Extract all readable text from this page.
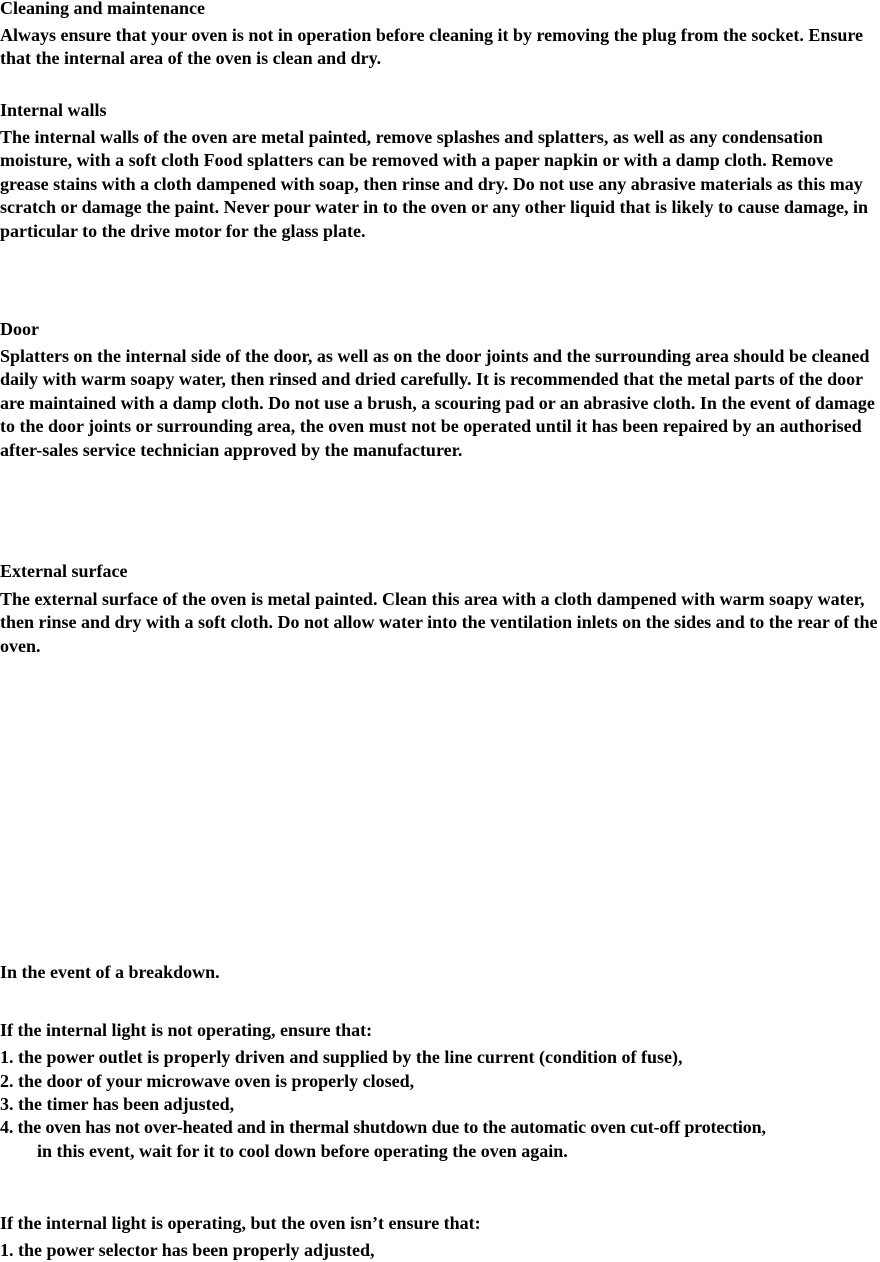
Cleaning and maintenance
Always ensure that your oven is not in operation before cleaning it by removing the plug from the socket. Ensure that the internal area of the oven is clean and dry.
Internal walls
The internal walls of the oven are metal painted, remove splashes and splatters, as well as any condensation moisture, with a soft cloth Food splatters can be removed with a paper napkin or with a damp cloth. Remove grease stains with a cloth dampened with soap, then rinse and dry. Do not use any abrasive materials as this may scratch or damage the paint. Never pour water in to the oven or any other liquid that is likely to cause damage, in particular to the drive motor for the glass plate.
Door
Splatters on the internal side of the door, as well as on the door joints and the surrounding area should be cleaned daily with warm soapy water, then rinsed and dried carefully. It is recommended that the metal parts of the door are maintained with a damp cloth. Do not use a brush, a scouring pad or an abrasive cloth. In the event of damage to the door joints or surrounding area, the oven must not be operated until it has been repaired by an authorised after-sales service technician approved by the manufacturer.
External surface
The external surface of the oven is metal painted. Clean this area with a cloth dampened with warm soapy water, then rinse and dry with a soft cloth. Do not allow water into the ventilation inlets on the sides and to the rear of the oven.
In the event of a breakdown.
If the internal light is not operating, ensure that:
1. the power outlet is properly driven and supplied by the line current (condition of fuse),
2. the door of your microwave oven is properly closed,
3. the timer has been adjusted,
4. the oven has not over-heated and in thermal shutdown due to the automatic oven cut-off protection,
in this event, wait for it to cool down before operating the oven again.
If the internal light is operating, but the oven isn’t ensure that:
1. the power selector has been properly adjusted,
